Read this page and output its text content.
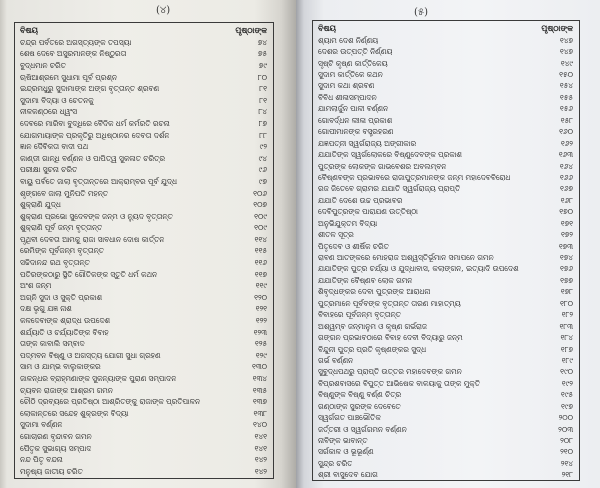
(୪)
ବିଷୟ	ପୃଷ୍ଠାଙ୍କ
ଚନ୍ଦ୍ର ପର୍ବତରେ ଅଗସ୍ତ୍ୟଙ୍କ ତପସ୍ୟା	୭୪
ଶେଷ ଦେବେ ଅସୁରମାନଙ୍କ ନିଷ୍ଠୁରତା	୭୫
ବୁଦ୍ଧମାନ ଚରିତ	୭୯
ଋଷିଆଶ୍ରମେ ସୁଧାମା ପୂର୍ବ ପ୍ରଶ୍ନ	୮୦
ଇନ୍ଦ୍ରମଧୁରୁ ସୁଦାମାଙ୍କ ଅଙ୍ଗ ବୃତ୍ତାନ୍ତ ଶ୍ରବଣ	୮୧
ସୁଦାମା ବିଦ୍ୟା ଓ ଚେତନକୁ	୮୧
ନୀଳକଣ୍ଠରେ ଧ୍ୱଂସ	୮୪
ଦେବରେ ମାରିବା ବୁଦ୍ଧିରେ ବୈଦିକ ଧର୍ମ କର୍ମରତି ରଚନା	୮୭
ଯୋଗମାୟାଙ୍କ ପ୍ରକୃତିରୁ ଅଧିଷ୍ଠାନର ଦେବତା ଦର୍ଶନ	୮୮
ଜ୍ଞାନ ଦୈବିକତା ବାଦୀ ପଥ	୯୨
କାଣ୍ଡୀ ଗାନ୍ଧି ବର୍ଣ୍ଣନ ଓ ପାପିତ୍ୱ ସୁକଳାତ ଚରିତ୍ର	୯୪
ପରୀକ୍ଷା ସୁଚନା ଚରିତ	୯୬
ବାୟୁ ପର୍ବତେ ଜାଲା ବୃତ୍ତାନ୍ତରେ ଆକ୍ରାମ୍ବର ପୂର୍ବ ଯୁଦ୍ଧ	୯୭
ଶୃଙ୍ଗବେ ଜାଲା ମୁନିପତି ମହନ୍ତ	୧୦୬
ଶୁକ୍ରାଣି ଯୁଦ୍ଧ	୧୦୭
ଶୁକ୍ରାଣ ପ୍ରଭୋ ସୁଦେବଙ୍କ ଜନ୍ମ ଓ ନ୍ୟୁଦ ବୃତ୍ତାନ୍ତ	୧୦୯
ଶୁକ୍ରାଣି ପୂର୍ବ ଜନ୍ମ ବୃତ୍ତାନ୍ତ	୧୦୯
ପୃଥିବୀ ଦେବତା ଆମକୁ ରାଜା ସାବଧାନ ଦୋଷ କାର୍ତ୍ତନ	୧୧୪
ରେମିଙ୍କ ପୂର୍ବଜନ୍ମ ବୃତ୍ତାନ୍ତ	୧୧୫
ସଚ୍ଚିଦାନନ୍ଦ ରଥ ବୃତ୍ତାନ୍ତ	୧୧୬
ପତିରଙ୍କଠାରୁ ସ୍ଥିତି ଗୌତିକଙ୍କ ସ୍ତୁତି ଧର୍ମ କଥନ	୧୧୭
ଅଂଶ ଜନ୍ମ	୧୧୯
ଅଗ୍ନି ସୁଦା ଓ ସୁକ୍ତି ପ୍ରକାଶ	୧୨୦
ଦକ୍ଷ ଭୃଗୁ ଯଜ୍ଞ ନାଶ	୧୨୧
କଳଦେବାଙ୍କ ଶ୍ରାଦ୍ଧ ଉପଦେଶ	୧୨୨
ଶର୍ଯ୍ୟାତି ଓ ଚର୍ଯ୍ୟାତିଙ୍କ ବିବାହ	୧୨୩
ତାଙ୍କ କାବାଲି ସମ୍ବାଦ	୧୨୫
ପଦ୍ମବନ ବିଷ୍ଣୁ ଓ ଅଗସ୍ତ୍ୟ ଯୋଗୀ ସୁଧା ଗ୍ରହଣ	୧୨୯
ସାମ ଓ ଯାମ୍ଭ ବାଲୁକାଙ୍କର	୧୩୦
ଜାଳନ୍ଧର ବ୍ରାହ୍ମଣାଙ୍କ ସୁକନ୍ୟାଙ୍କ ପୁରାଣ ସମ୍ପାଦନ	୧୩୪
ଚ୍ୟବନ ରାଜାଙ୍କ ଆଶ୍ରମ ଗମନ	୧୩୫
ଚୌଠି ଦ୍ରବ୍ୟରେ ପ୍ରତିଷ୍ଠା ଆଶ୍ରିତଙ୍କୁ ରାଜାଙ୍କ ପ୍ରତିପାଳନ	୧୩୭
ଲୋକାନ୍ତରେ ସନ୍ଦେହ ଶୁକ୍ରଙ୍କ ବିଦ୍ୟା	୧୩୮
ସୁଦାମା ବର୍ଣ୍ଣନ	୧୪୦
ଗୋଚାରଣ ବୃନ୍ଦାବନ ଗମନ	୧୪୧
ପୈତୃକ ସୁଭାଗ୍ୟ ସମ୍ପାଦ	୧୪୧
ନନ୍ଦ ପିତୃ ବନ୍ଦନା	୧୪୨
ମନୁଷ୍ୟ ଜାତୀୟ ଚରିତ	୧୪୨
(୫)
ବିଷୟ	ପୃଷ୍ଠାଙ୍କ
ଶ୍ୟାମ ଦେଶ ନିର୍ଣ୍ଣୟ	୧୪୭
ଦେଶର ଉତ୍ପତ୍ତି ନିର୍ଣ୍ଣୟ	୧୪୭
ସୃଷ୍ଟି କୃଷ୍ଣ କାର୍ତ୍ତିକେୟ	୧୪୯
ସୁଦାମ କାର୍ତ୍ତିକେ କଥନ	୧୫୦
ସୁଦାମ କଥା ଶ୍ରବଣ	୧୫୪
ବିବିଧ ଶୀଳାସମ୍ପାଦନ	୧୫୫
ଯାମଲାର୍ଜୁନ ପାଳୀ ବର୍ଣ୍ଣନ	୧୫୬
ଗୋବର୍ଦ୍ଧନ ଲୀଳା ପ୍ରକାଶ	୧୫୮
ଗୋପୀମାନଙ୍କ ବସ୍ତ୍ରହରଣ	୧୬୦
ଯଜ୍ଞପତ୍ନୀ ସ୍ୱର୍ଗରାଜ୍ୟ ଅଙ୍ଗୀକାର	୧୬୨
ଯଯାତିଙ୍କ ସ୍ୱର୍ଗଲୋକରେ ବିଷ୍ଣୁଦେବଙ୍କ ପ୍ରକାଶ	୧୬୩
ପୁତ୍ରଙ୍କ ଲୋକଙ୍କ ଗାଭବେଶର ଅବଲମ୍ବନ	୧୬୪
ବୈଷ୍ଣବଙ୍କ ପ୍ରଭାବରେ ରାଜାପୁତ୍ରମାନଙ୍କ ଜନ୍ମ ମହାଦେବବିରୋଧ	୧୬୬
ରଜ ଜିତେବେ ଗ୍ରାମର ଯଯାତି ସ୍ୱର୍ଗରାଜ୍ୟ ପ୍ରାପ୍ତି	୧୬୭
ଯଯାତି ଦେଶେ ଉଚ୍ଚ ପ୍ରଭାବର	୧୬୮
ଦେବିପୁତ୍ରଙ୍କ ପାରାଯଣ ଉତ୍ତିଷ୍ଠା	୧୭୦
ଅନୁଭିଯୁକ୍ତମ ବିଦ୍ୟା	୧୭୧
ଶୀତଳ ସୂତ୍ର	୧୭୨
ପିତୃଦେବ ଓ ଶୀର୍ଷିକ ଚରିତ	୧୭୩
ରାବଣ ଆତଙ୍କରେ ମୋହରାଜ ଅଶ୍ୱସ୍ତିର୍ଭୂମାନ ସମାପନେ ଗମନ	୧୭୪
ଯଯାତିଙ୍କ ପୁତ୍ର ଚର୍ଯ୍ୟା ଓ ଯୁଦ୍ଧାବାସ, କଲାଙ୍ଗନ, ଇତ୍ୟାଦି ଉପଦେଶ	୧୭୬
ଯଯାତିଙ୍କ ବୈଷ୍ଣବ ଲୋକ ଗମନ	୧୭୭
ଶିବୃଦ୍ଧଙ୍କର ଦେବା ପୁତ୍ରଙ୍କ ଆରାଧନା	୧୭୮
ପୁତ୍ରମାନେ ପୂର୍ବବଙ୍କ ବୃତ୍ତାନ୍ତ ତାରଣ ମାହାତ୍ମ୍ୟ	୧୮୦
ବିବାହରେ ପୂର୍ବଜନ୍ମ ବୃତ୍ତାନ୍ତ	୧୮୨
ଅଶ୍ୱମ୍ବ ଜନ୍ମାନୁମ ଓ କୃଷ୍ଣ ଗର୍ଭରାଜ	୧୮୩
ଗଙ୍ଗନ ପ୍ରଭାବଠାରେ ବିବାହ ଦେବୀ ବିଦ୍ୟାରୁ ଜନ୍ମ	୧୮୪
ବିନ୍ଦୁନୀ ପୁତ୍ର ପ୍ରତି କୃଷ୍ଣଙ୍କର ସୁଦ୍ଧ	୧୮୭
ଗର୍ଭ ବର୍ଣ୍ଣନ	୧୮୯
ସୁବୁଦ୍ଧପଥରୁ ପ୍ରାପ୍ତି ଉତ୍ତର ମହାଦେବଙ୍କ ଗମନ	୧୯୦
ବିପ୍ରଶବାସରେ ବିପୁତ୍ତ ଆଭିଷେକ ବାଳୟାକୁ ତାଙ୍କ ମୁକ୍ତି	୧୯୨
ବିଷ୍ଣୁଙ୍କ ବିଷ୍ଣୁ ବର୍ଣ୍ଣ ଚିତ୍ର	୧୯୫
ଗଣ୍ଠାଙ୍କ ସୁରଙ୍କ ଦେବେତେ	୧୯୭
ସ୍ୱର୍ଗଗତ ପାଞ୍ଚଭୌତିକ	୨୦୦
ଜର୍ତ୍ତରୀ ଓ ସ୍ୱର୍ଗଗମନ ବର୍ଣ୍ଣନ	୨୦୩
ନାବିଙ୍କ ଭାବାନ୍ତ	୨୦୮
ସର୍ଗକାଳ ଓ ଭୂଭୂର୍ଣ୍ଣ	୨୧୦
ସୁନ୍ଦ୍ର ଚରିତ	୨୧୪
ଶ୍ରୀ ବାସୁଦେବ ଯୋଗ	୨୧୮
